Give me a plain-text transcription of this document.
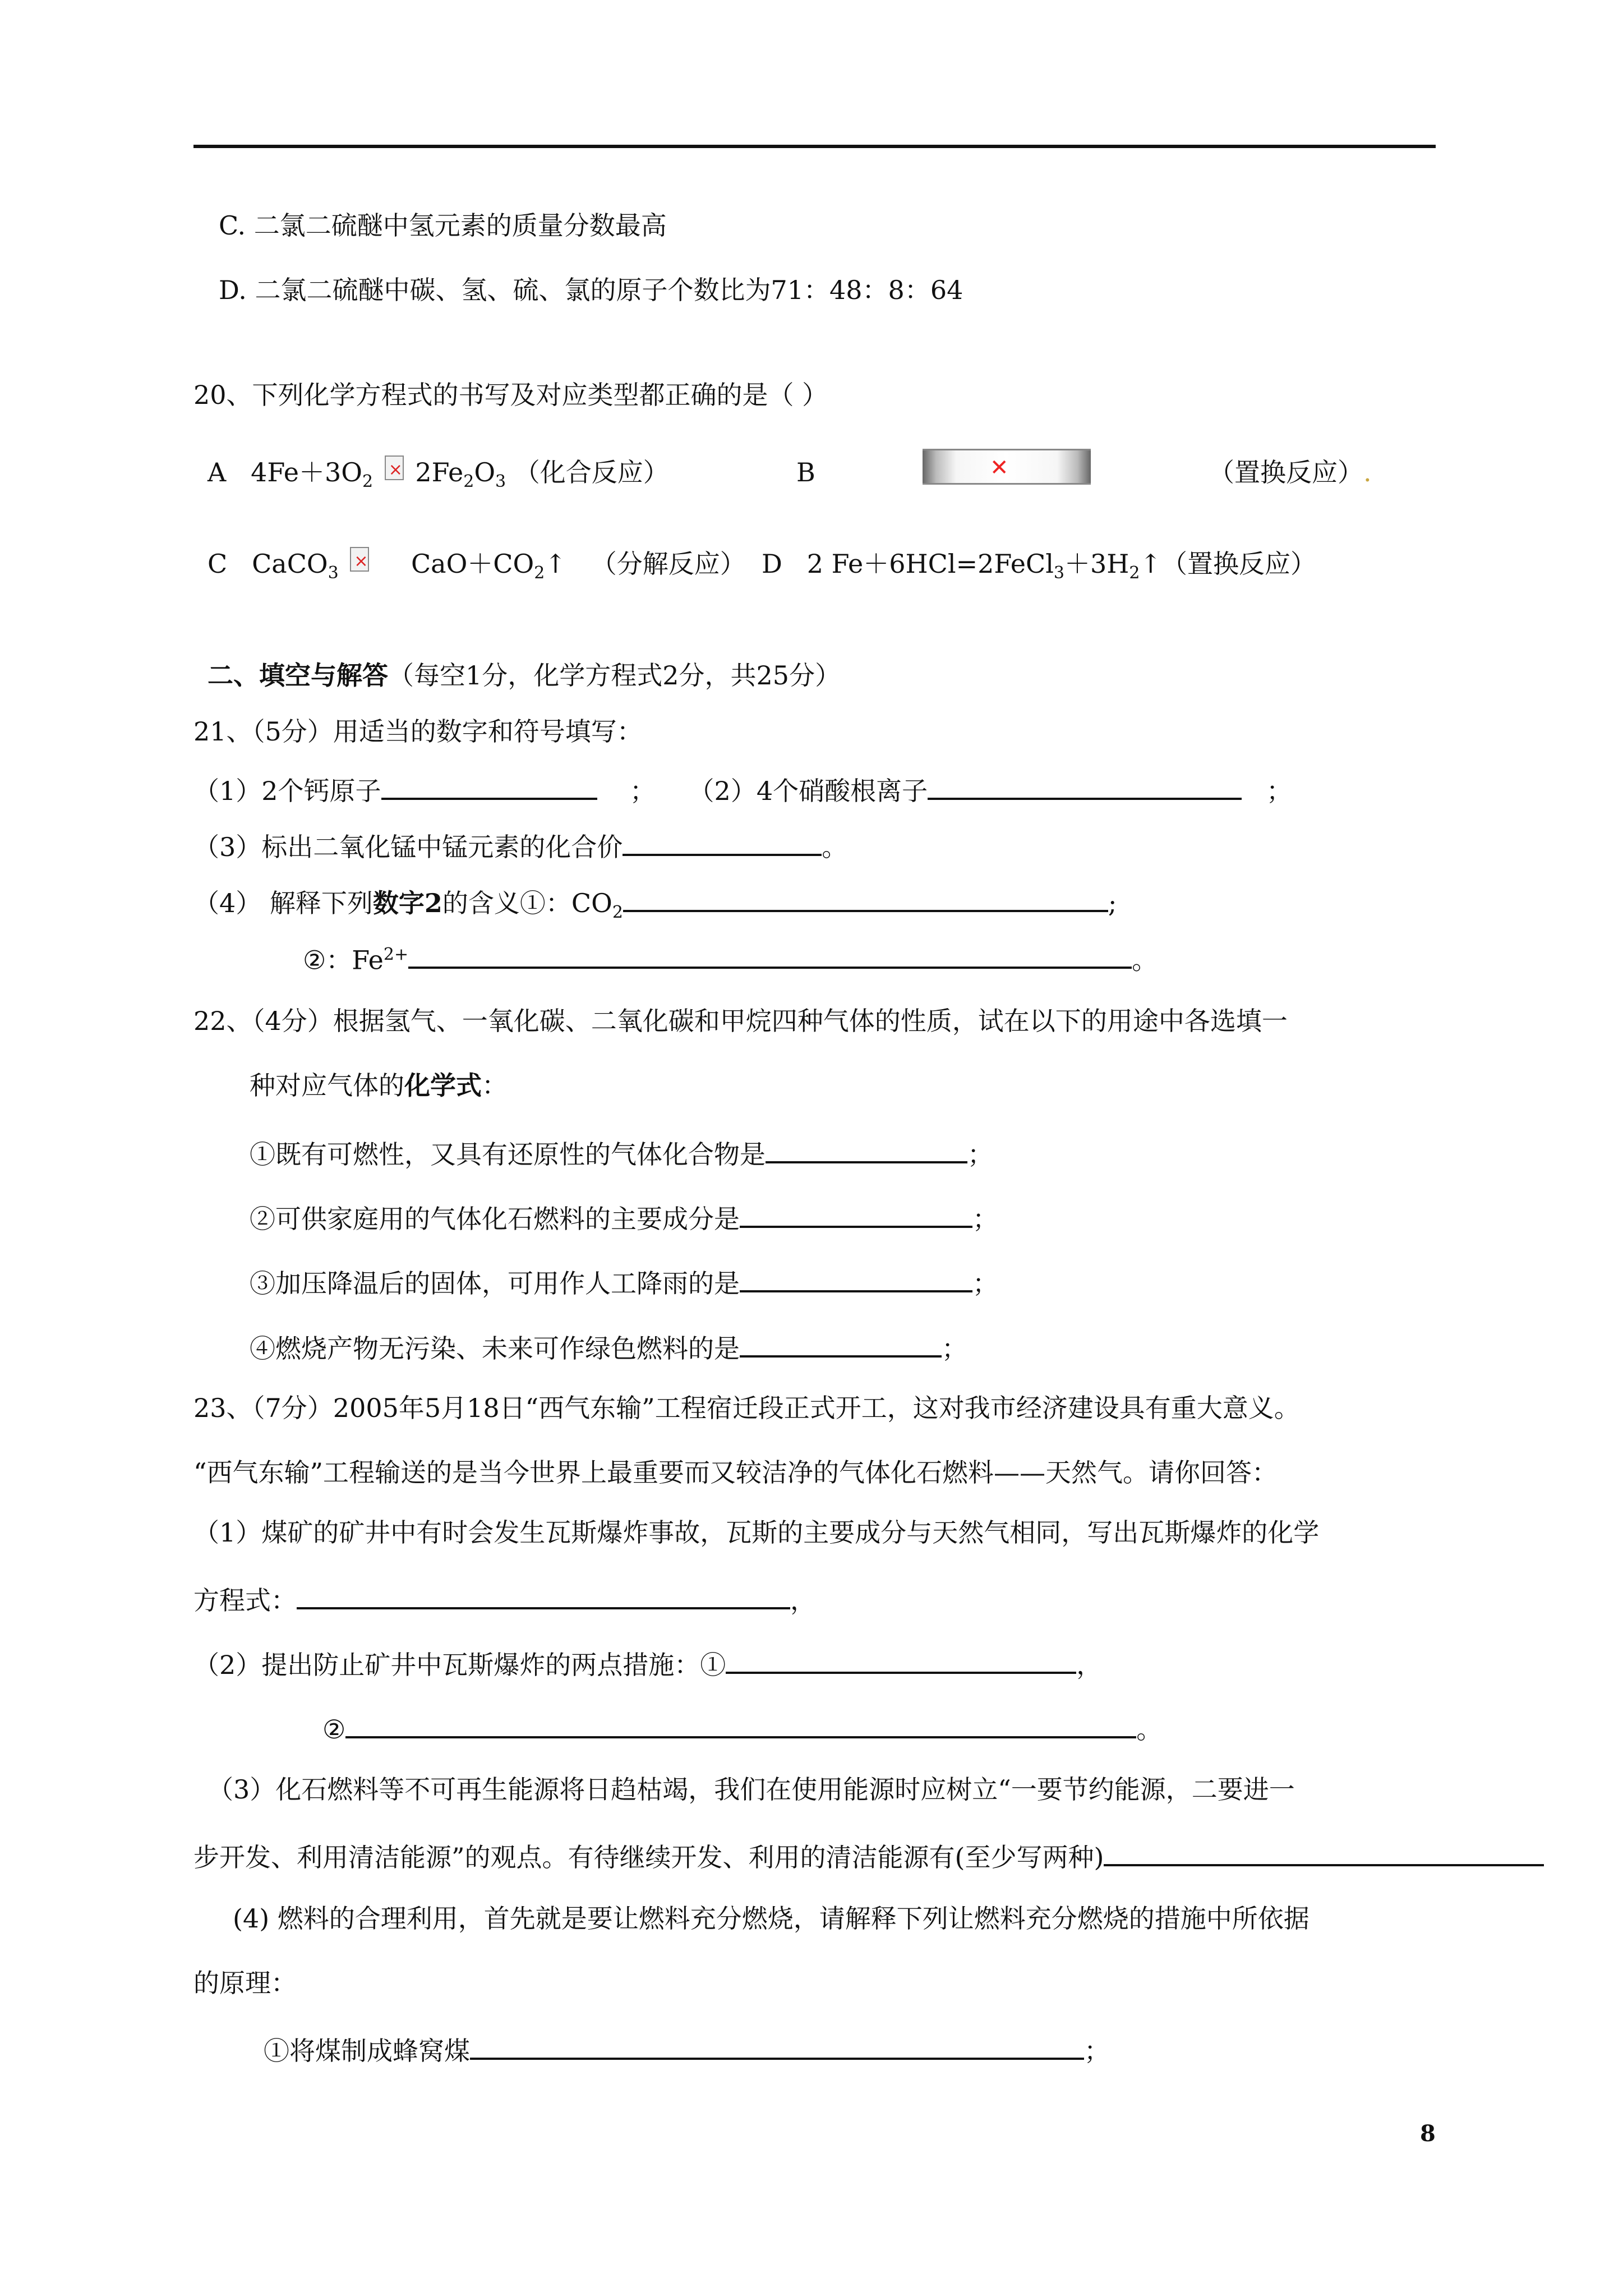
C. 二氯二硫醚中氢元素的质量分数最高
D. 二氯二硫醚中碳、氢、硫、氯的原子个数比为71：48：8：64
20、下列化学方程式的书写及对应类型都正确的是（ ）
A $4Fe+3O_2 \times 2Fe_2O_3$ （化合反应）	B	✕	（置换反应）.
C CaCO$_3$ ×	$CaO+CO_2↑$ （分解反应） D 2 $Fe+6HCl=2FeCl_3+3H_2↑$（置换反应）
二、填空与解答（每空1分，化学方程式2分，共25分）
21、（5分）用适当的数字和符号填写：
（1）2个钙原子	； （2）4个硝酸根离子	；
（3）标出二氧化锰中锰元素的化合价	。
（4） 解释下列数字2的含义①：$CO_2$	;
②：$Fe^{2+}$	。
22、（4分）根据氢气、一氧化碳、二氧化碳和甲烷四种气体的性质，试在以下的用途中各选填一
种对应气体的化学式：
①既有可燃性，又具有还原性的气体化合物是	；
②可供家庭用的气体化石燃料的主要成分是	；
③加压降温后的固体，可用作人工降雨的是	；
④燃烧产物无污染、未来可作绿色燃料的是	；
23、（7分）2005年5月18日“西气东输”工程宿迁段正式开工，这对我市经济建设具有重大意义。
“西气东输”工程输送的是当今世界上最重要而又较洁净的气体化石燃料——天然气。请你回答：
（1）煤矿的矿井中有时会发生瓦斯爆炸事故，瓦斯的主要成分与天然气相同，写出瓦斯爆炸的化学
方程式：	，
（2）提出防止矿井中瓦斯爆炸的两点措施：①	，
②	。
（3）化石燃料等不可再生能源将日趋枯竭，我们在使用能源时应树立“一要节约能源，二要进一
步开发、利用清洁能源”的观点。有待继续开发、利用的清洁能源有(至少写两种)
(4) 燃料的合理利用，首先就是要让燃料充分燃烧，请解释下列让燃料充分燃烧的措施中所依据
的原理：
①将煤制成蜂窝煤	；
8
